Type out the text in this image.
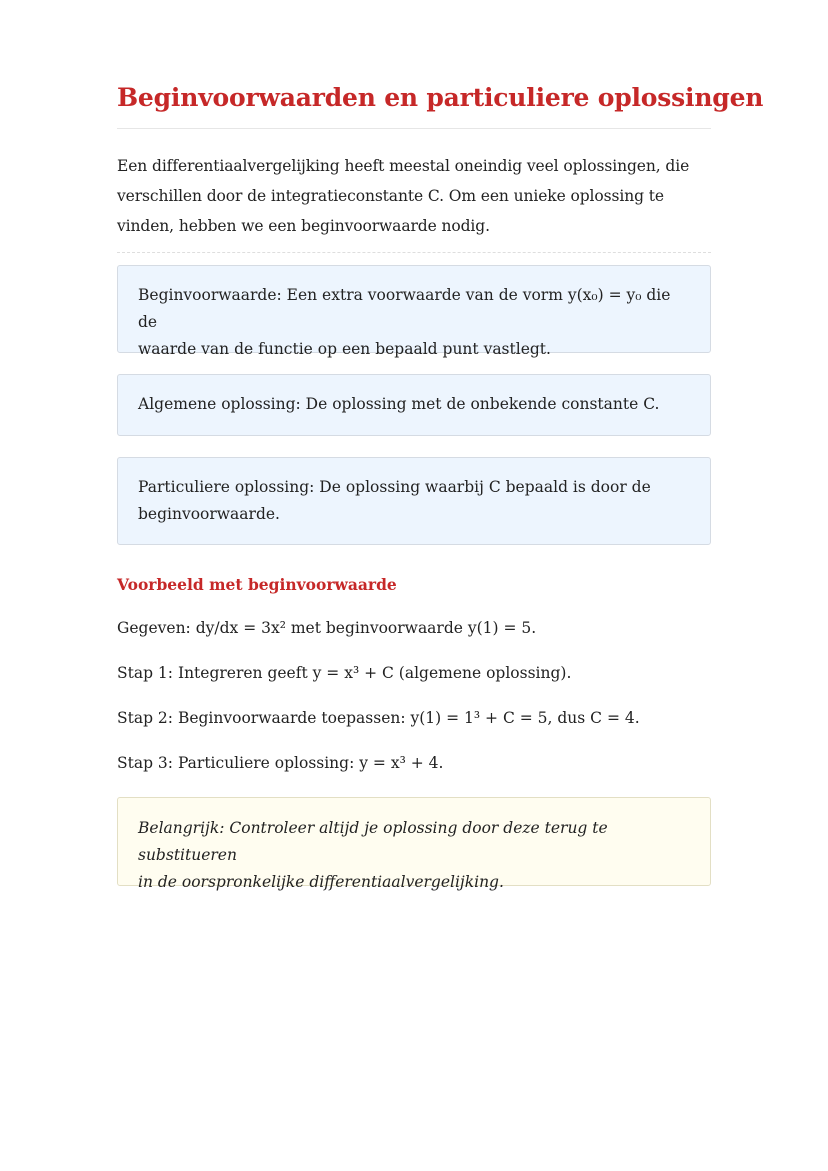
Beginvoorwaarden en particuliere oplossingen

Een differentiaalvergelijking heeft meestal oneindig veel oplossingen, die
verschillen door de integratieconstante C. Om een unieke oplossing te
vinden, hebben we een beginvoorwaarde nodig.

Beginvoorwaarde: Een extra voorwaarde van de vorm y(x₀) = y₀ die de
waarde van de functie op een bepaald punt vastlegt.
Algemene oplossing: De oplossing met de onbekende constante C.
Particuliere oplossing: De oplossing waarbij C bepaald is door de
beginvoorwaarde.
Voorbeeld met beginvoorwaarde

Gegeven: dy/dx = 3x² met beginvoorwaarde y(1) = 5.

Stap 1: Integreren geeft y = x³ + C (algemene oplossing).

Stap 2: Beginvoorwaarde toepassen: y(1) = 1³ + C = 5, dus C = 4.

Stap 3: Particuliere oplossing: y = x³ + 4.

Belangrijk: Controleer altijd je oplossing door deze terug te substitueren
in de oorspronkelijke differentiaalvergelijking.
